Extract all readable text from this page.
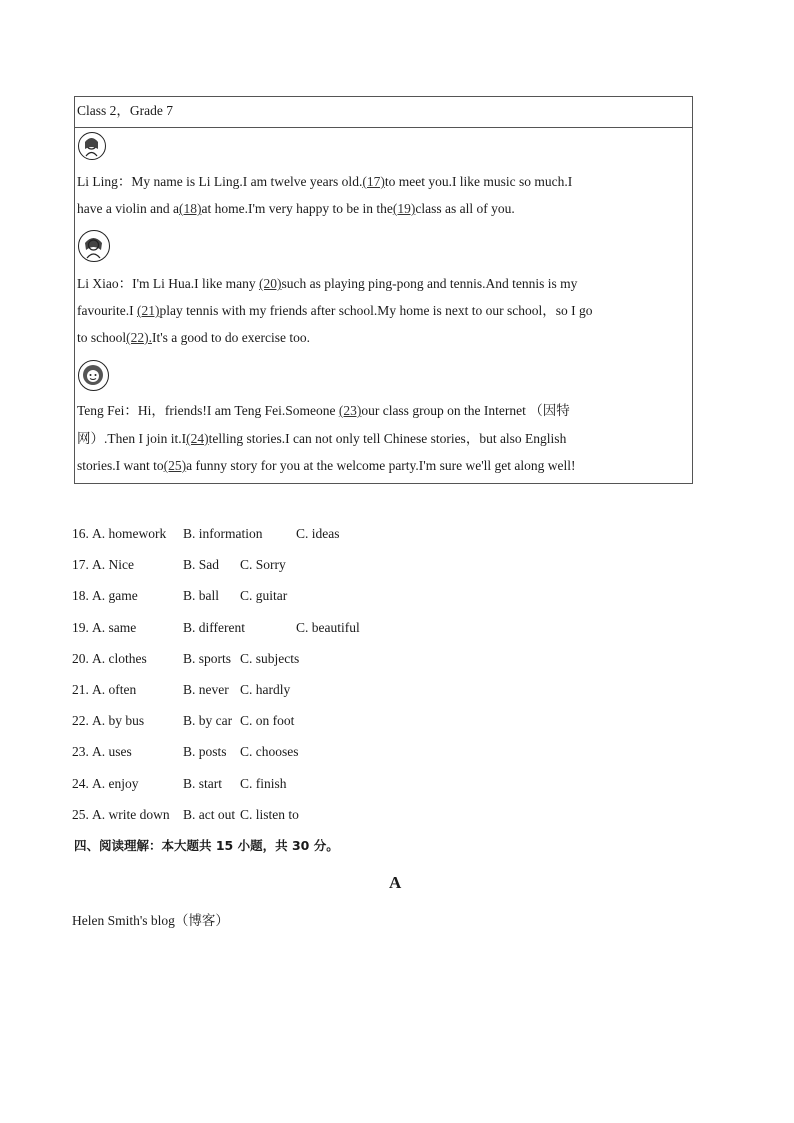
Class 2，Grade 7
Li Ling：My name is Li Ling.I am twelve years old.(17)to meet you.I like music so much.I
have a violin and a(18)at home.I'm very happy to be in the(19)class as all of you.
Li Xiao：I'm Li Hua.I like many (20)such as playing ping-pong and tennis.And tennis is my
favourite.I (21)play tennis with my friends after school.My home is next to our school，so I go
to school(22).It's a good to do exercise too.
Teng Fei：Hi，friends!I am Teng Fei.Someone (23)our class group on the Internet （因特
网）.Then I join it.I(24)telling stories.I can not only tell Chinese stories，but also English
stories.I want to(25)a funny story for you at the welcome party.I'm sure we'll get along well!
16. A. homework B. information C. ideas
17. A. Nice	B. Sad C. Sorry
18. A. game	B. ball C. guitar
19. A. same	B. different	C. beautiful
20. A. clothes	B. sports C. subjects
21. A. often	B. never C. hardly
22. A. by bus	B. by car C. on foot
23. A. uses	B. posts C. chooses
24. A. enjoy	B. start C. finish
25. A. write down B. act out C. listen to
四、阅读理解：本大题共 15 小题，共 30 分。
A
Helen Smith's blog（博客）
